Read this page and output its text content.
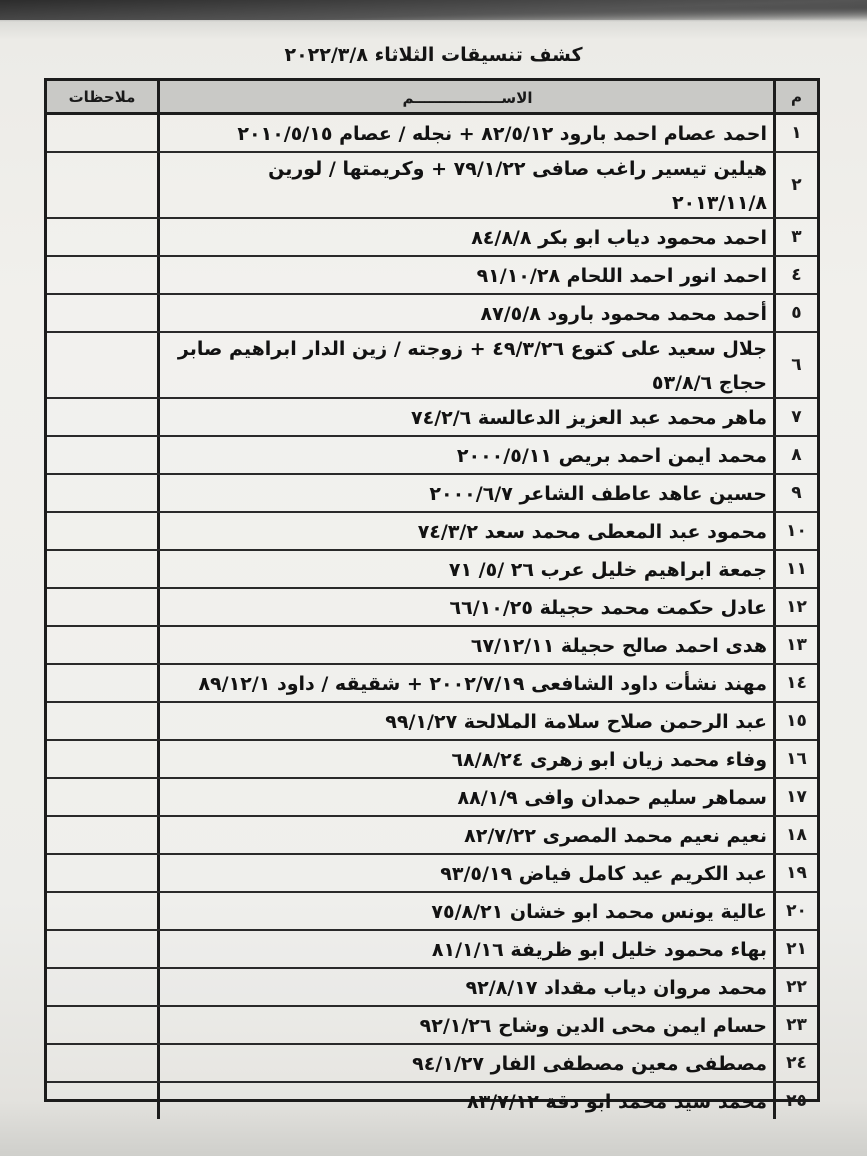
كشف تنسيقات الثلاثاء ٢٠٢٢/٣/٨
م
الاســـــــــــــــــم
ملاحظات
١
احمد عصام احمد بارود ٨٢/٥/١٢ + نجله / عصام ٢٠١٠/٥/١٥
٢
هيلين تيسير راغب صافى ٧٩/١/٢٢ + وكريمتها / لورين ٢٠١٣/١١/٨
٣
احمد محمود دياب ابو بكر ٨٤/٨/٨
٤
احمد انور احمد اللحام ٩١/١٠/٢٨
٥
أحمد محمد محمود بارود ٨٧/٥/٨
٦
جلال سعيد على كتوع ٤٩/٣/٢٦ + زوجته / زين الدار ابراهيم صابر حجاج ٥٣/٨/٦
٧
ماهر محمد عبد العزيز الدعالسة ٧٤/٢/٦
٨
محمد ايمن احمد بريص ٢٠٠٠/٥/١١
٩
حسين عاهد عاطف الشاعر ٢٠٠٠/٦/٧
١٠
محمود عبد المعطى محمد سعد ٧٤/٣/٢
١١
جمعة ابراهيم خليل عرب ٢٦ /٥/ ٧١
١٢
عادل حكمت محمد حجيلة ٦٦/١٠/٢٥
١٣
هدى احمد صالح حجيلة ٦٧/١٢/١١
١٤
مهند نشأت داود الشافعى ٢٠٠٢/٧/١٩ + شقيقه / داود ٨٩/١٢/١
١٥
عبد الرحمن صلاح سلامة الملالحة ٩٩/١/٢٧
١٦
وفاء محمد زيان ابو زهرى ٦٨/٨/٢٤
١٧
سماهر سليم حمدان وافى ٨٨/١/٩
١٨
نعيم نعيم محمد المصرى ٨٢/٧/٢٢
١٩
عبد الكريم عيد كامل فياض ٩٣/٥/١٩
٢٠
عالية يونس محمد ابو خشان ٧٥/٨/٢١
٢١
بهاء محمود خليل ابو ظريفة ٨١/١/١٦
٢٢
محمد مروان دياب مقداد ٩٢/٨/١٧
٢٣
حسام ايمن محى الدين وشاح ٩٢/١/٢٦
٢٤
مصطفى معين مصطفى الفار ٩٤/١/٢٧
٢٥
محمد سيد محمد ابو دقة ٨٣/٧/١٢
